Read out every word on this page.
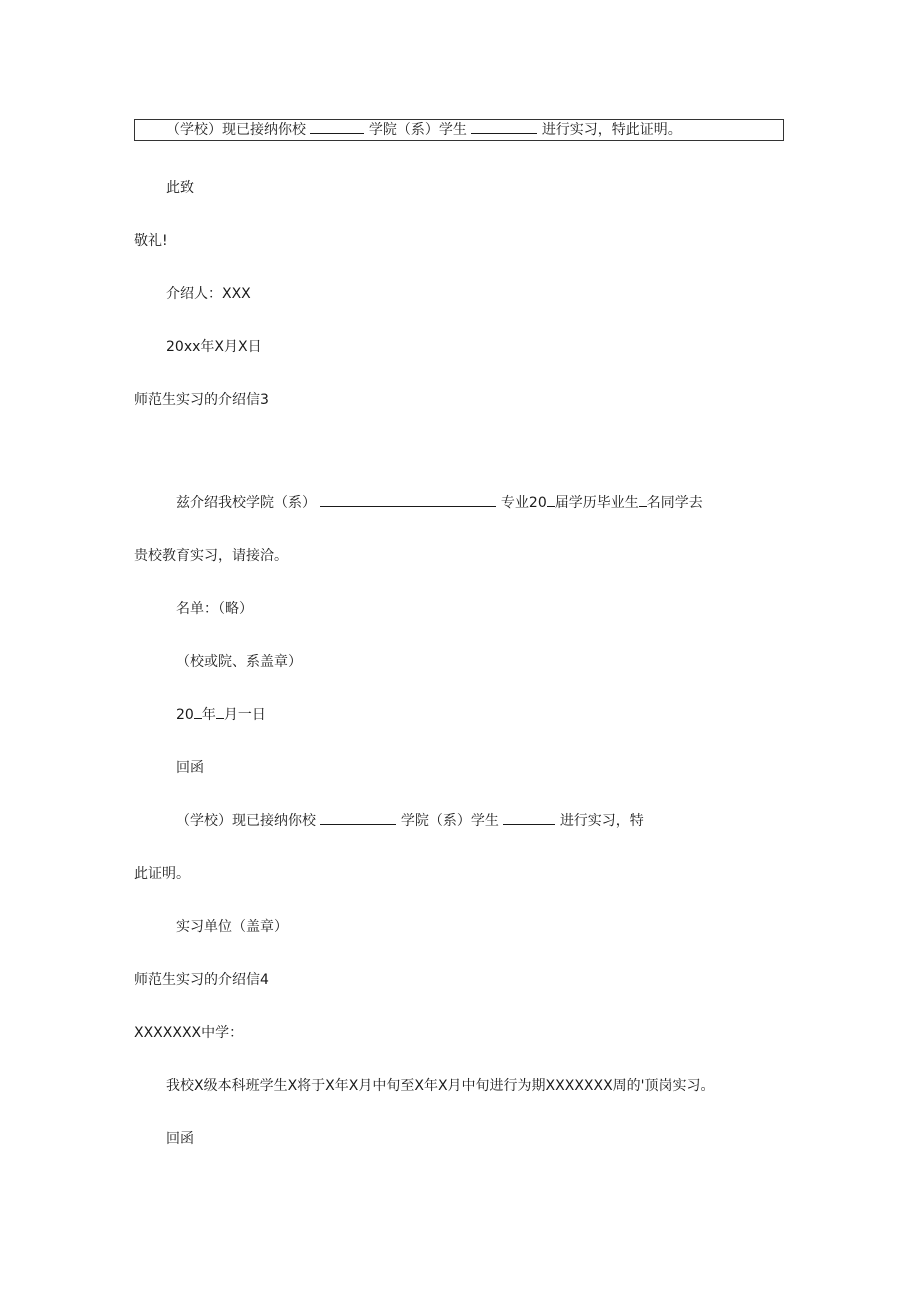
（学校）现已接纳你校	学院（系）学生	进行实习，特此证明。
此致
敬礼!
介绍人：XXX
20xx年X月X日
师范生实习的介绍信3
兹介绍我校学院（系）	专业20 届学历毕业生 名同学去
贵校教育实习，请接洽。
名单：（略）
（校或院、系盖章）
20 年 月一日
回函
（学校）现已接纳你校	学院（系）学生	进行实习，特
此证明。
实习单位（盖章）
师范生实习的介绍信4
XXXXXXX中学：
我校X级本科班学生X将于X年X月中旬至X年X月中旬进行为期XXXXXXX周的'顶岗实习。
回函
